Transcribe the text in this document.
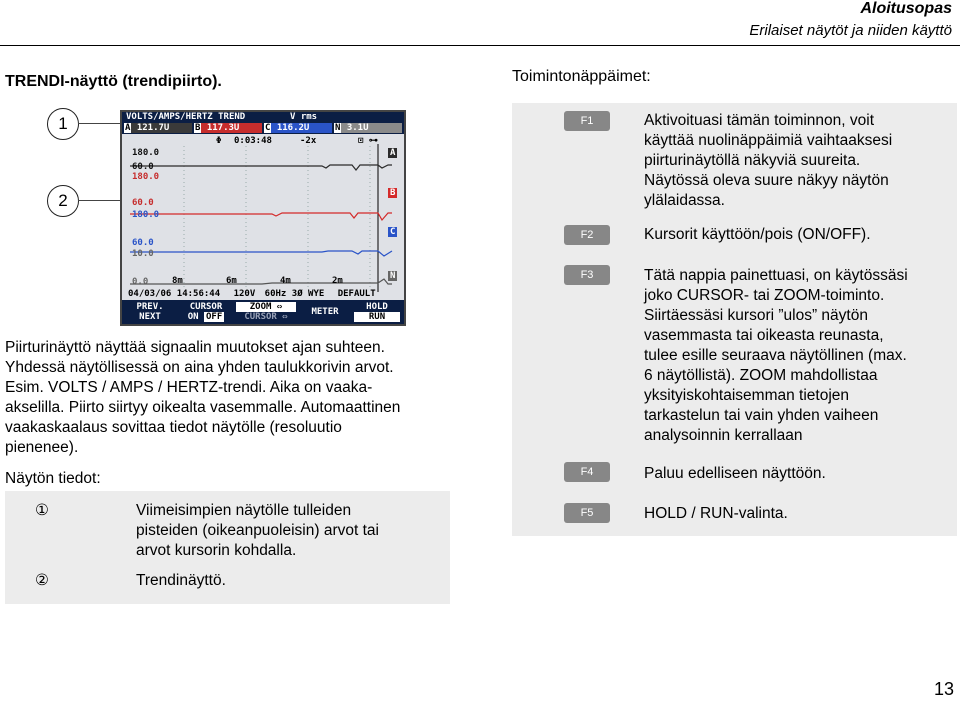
Aloitusopas
Erilaiset näytöt ja niiden käyttö
TRENDI-näyttö (trendipiirto).	Toimintonäppäimet:
1
2
VOLTS/AMPS/HERTZ TREND	V rms
A 121.7U	B 117.3U	C 116.2U	N 3.1U
Φ 0:03:48	-2x	⊡ ⊶
180.0
60.0
180.0
60.0
180.0
60.0
10.0
0.0
A
B
C
N
8m	6m	4m	2m
04/03/06 14:56:44 120V 60Hz 3Ø WYE DEFAULT
PREV.
NEXT
CURSOR
ON OFF
ZOOM ⇔
CURSOR ⇔	METER	HOLD
RUN
Piirturinäyttö näyttää signaalin muutokset ajan suhteen.
Yhdessä näytöllisessä on aina yhden taulukkorivin arvot.
Esim. VOLTS / AMPS / HERTZ-trendi. Aika on vaaka-
akselilla. Piirto siirtyy oikealta vasemmalle. Automaattinen
vaakaskaalaus sovittaa tiedot näytölle (resoluutio
pienenee).
Näytön tiedot:
①	Viimeisimpien näytölle tulleiden
pisteiden (oikeanpuoleisin) arvot tai
arvot kursorin kohdalla.
②	Trendinäyttö.
F1	Aktivoituasi tämän toiminnon, voit
käyttää nuolinäppäimiä vaihtaaksesi
piirturinäytöllä näkyviä suureita.
Näytössä oleva suure näkyy näytön
ylälaidassa.
F2	Kursorit käyttöön/pois (ON/OFF).
F3	Tätä nappia painettuasi, on käytössäsi
joko CURSOR- tai ZOOM-toiminto.
Siirtäessäsi kursori ”ulos” näytön
vasemmasta tai oikeasta reunasta,
tulee esille seuraava näytöllinen (max.
6 näytöllistä). ZOOM mahdollistaa
yksityiskohtaisemman tietojen
tarkastelun tai vain yhden vaiheen
analysoinnin kerrallaan
F4	Paluu edelliseen näyttöön.
F5	HOLD / RUN-valinta.
13
